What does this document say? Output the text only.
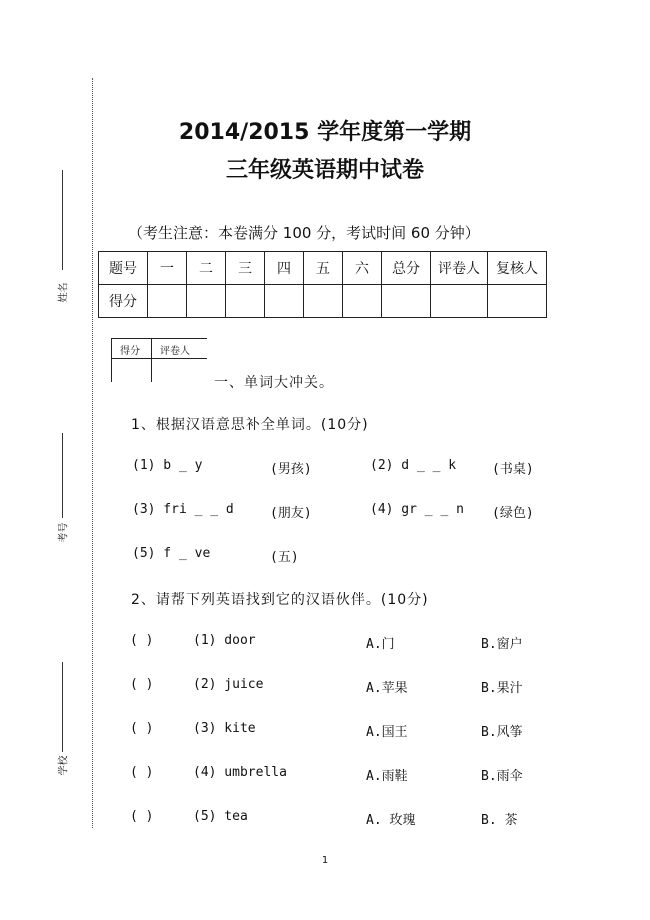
姓名
考号
学校
2014/2015 学年度第一学期
三年级英语期中试卷
（考生注意：本卷满分 100 分，考试时间 60 分钟）
题号	一	二	三	四	五	六	总分	评卷人	复核人
得分									
得分 评卷人
一、单词大冲关。
1、根据汉语意思补全单词。(10分)
(1) b _ y	(男孩)	(2) d _ _ k	(书桌)
(3) fri _ _ d	(朋友)	(4) gr _ _ n (绿色)
(5) f _ ve	(五)
2、请帮下列英语找到它的汉语伙伴。(10分)
( )	(1) door	A.门	B.窗户
( )	(2) juice	A.苹果	B.果汁
( )	(3) kite	A.国王	B.风筝
( )	(4) umbrella	A.雨鞋	B.雨伞
( )	(5) tea	A. 玫瑰	B. 茶
1
